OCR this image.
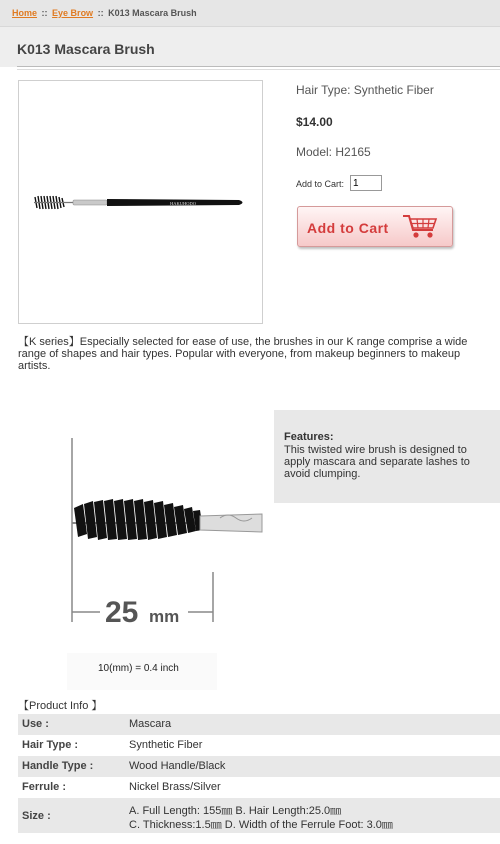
Home :: Eye Brow :: K013 Mascara Brush
K013 Mascara Brush
HAKUHODO
Hair Type: Synthetic Fiber
$14.00
Model: H2165
Add to Cart:
1
Add to Cart

【K series】Especially selected for ease of use, the brushes in our K range comprise a wide range of shapes and hair types. Popular with everyone, from makeup beginners to makeup artists.

25 mm
10(mm) = 0.4 inch
Features:
This twisted wire brush is designed to apply mascara and separate lashes to avoid clumping.
【Product Info 】
Use :	Mascara
Hair Type :	Synthetic Fiber
Handle Type :	Wood Handle/Black
Ferrule :	Nickel Brass/Silver
Size :	A. Full Length: 155㎜ B. Hair Length:25.0㎜
C. Thickness:1.5㎜ D. Width of the Ferrule Foot: 3.0㎜
